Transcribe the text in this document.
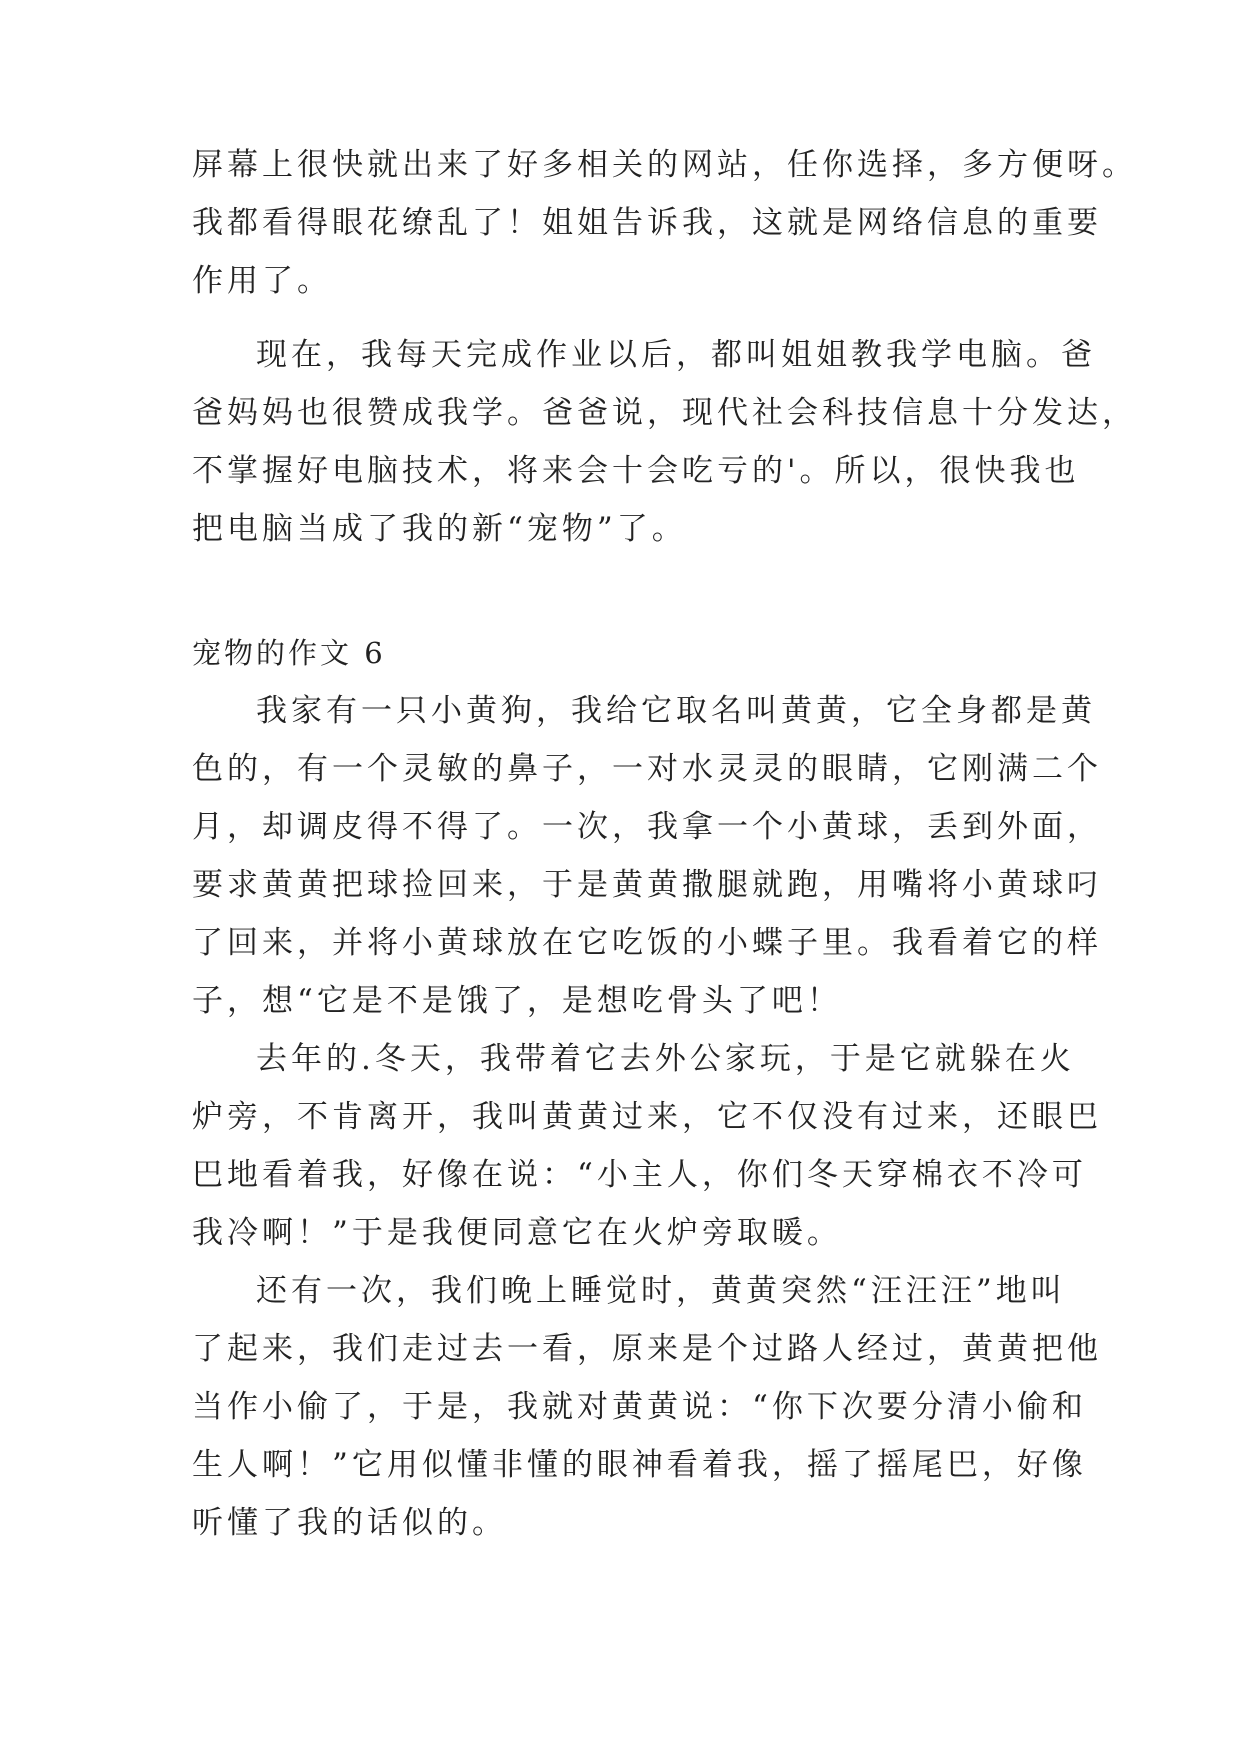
屏幕上很快就出来了好多相关的网站，任你选择，多方便呀。
我都看得眼花缭乱了！姐姐告诉我，这就是网络信息的重要
作用了。
现在，我每天完成作业以后，都叫姐姐教我学电脑。爸
爸妈妈也很赞成我学。爸爸说，现代社会科技信息十分发达，
不掌握好电脑技术，将来会十会吃亏的'。所以，很快我也
把电脑当成了我的新“宠物”了。
宠物的作文 6
我家有一只小黄狗，我给它取名叫黄黄，它全身都是黄
色的，有一个灵敏的鼻子，一对水灵灵的眼睛，它刚满二个
月，却调皮得不得了。一次，我拿一个小黄球，丢到外面，
要求黄黄把球捡回来，于是黄黄撒腿就跑，用嘴将小黄球叼
了回来，并将小黄球放在它吃饭的小蝶子里。我看着它的样
子，想“它是不是饿了，是想吃骨头了吧！
去年的.冬天，我带着它去外公家玩，于是它就躲在火
炉旁，不肯离开，我叫黄黄过来，它不仅没有过来，还眼巴
巴地看着我，好像在说：“小主人，你们冬天穿棉衣不冷可
我冷啊！”于是我便同意它在火炉旁取暖。
还有一次，我们晚上睡觉时，黄黄突然“汪汪汪”地叫
了起来，我们走过去一看，原来是个过路人经过，黄黄把他
当作小偷了，于是，我就对黄黄说：“你下次要分清小偷和
生人啊！”它用似懂非懂的眼神看着我，摇了摇尾巴，好像
听懂了我的话似的。
